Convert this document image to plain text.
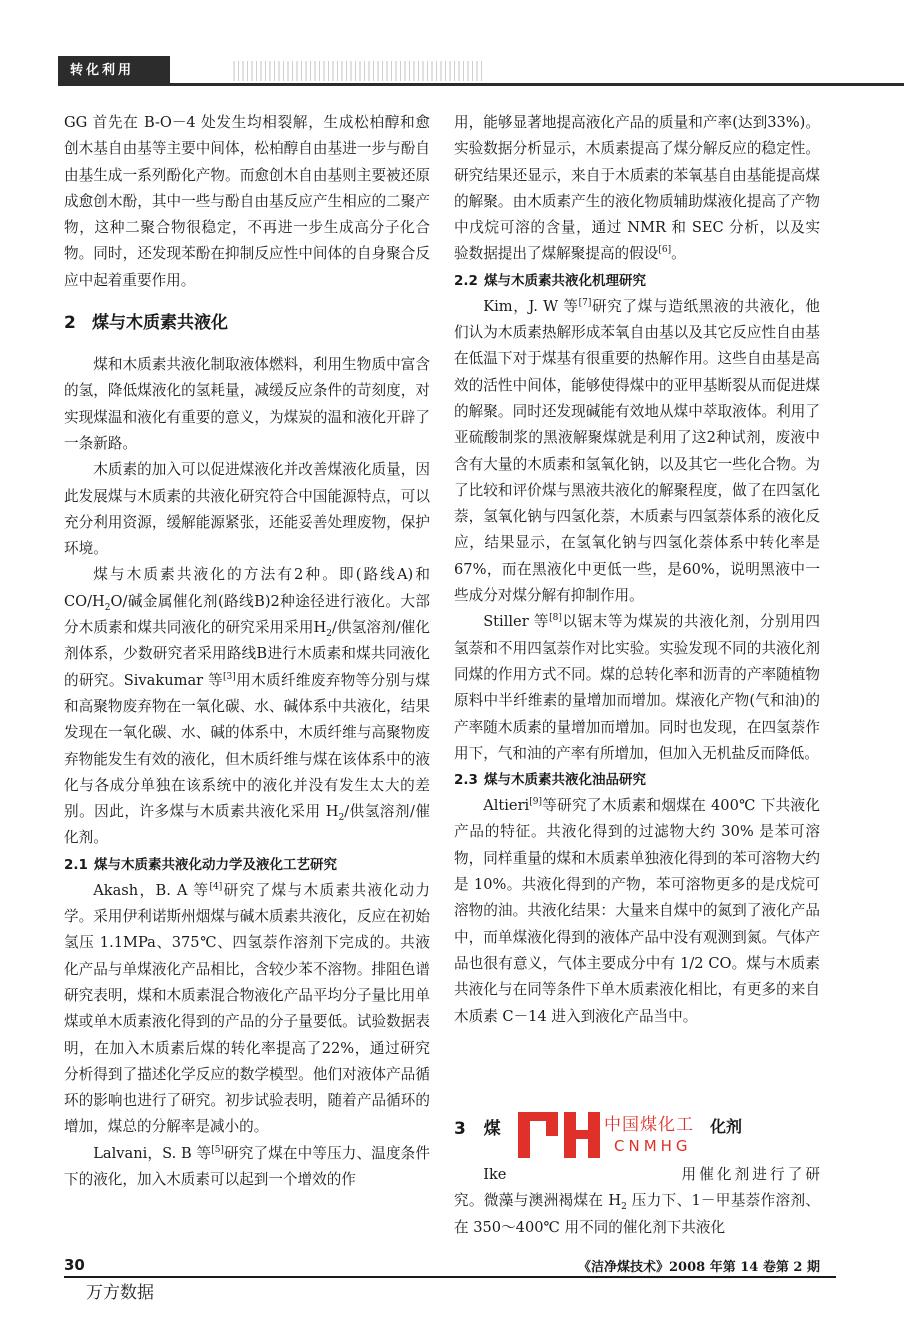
转化利用

GG 首先在 B-O－4 处发生均相裂解，生成松柏醇和愈创木基自由基等主要中间体，松柏醇自由基进一步与酚自由基生成一系列酚化产物。而愈创木自由基则主要被还原成愈创木酚，其中一些与酚自由基反应产生相应的二聚产物，这种二聚合物很稳定，不再进一步生成高分子化合物。同时，还发现苯酚在抑制反应性中间体的自身聚合反应中起着重要作用。

2 煤与木质素共液化

煤和木质素共液化制取液体燃料，利用生物质中富含的氢，降低煤液化的氢耗量，减缓反应条件的苛刻度，对实现煤温和液化有重要的意义，为煤炭的温和液化开辟了一条新路。

木质素的加入可以促进煤液化并改善煤液化质量，因此发展煤与木质素的共液化研究符合中国能源特点，可以充分利用资源，缓解能源紧张，还能妥善处理废物，保护环境。

煤与木质素共液化的方法有2种。即(路线A)和$CO/H_2O/$碱金属催化剂(路线B)2种途径进行液化。大部分木质素和煤共同液化的研究采用采用$H_2/$供氢溶剂/催化剂体系，少数研究者采用路线B进行木质素和煤共同液化的研究。Sivakumar 等[3]用木质纤维废弃物等分别与煤和高聚物废弃物在一氧化碳、水、碱体系中共液化，结果发现在一氧化碳、水、碱的体系中，木质纤维与高聚物废弃物能发生有效的液化，但木质纤维与煤在该体系中的液化与各成分单独在该系统中的液化并没有发生太大的差别。因此，许多煤与木质素共液化采用 $H_2/$供氢溶剂/催化剂。

2.1 煤与木质素共液化动力学及液化工艺研究

Akash，B. A 等[4]研究了煤与木质素共液化动力学。采用伊利诺斯州烟煤与碱木质素共液化，反应在初始氢压 1.1MPa、375℃、四氢萘作溶剂下完成的。共液化产品与单煤液化产品相比，含较少苯不溶物。排阻色谱研究表明，煤和木质素混合物液化产品平均分子量比用单煤或单木质素液化得到的产品的分子量要低。试验数据表明，在加入木质素后煤的转化率提高了22%，通过研究分析得到了描述化学反应的数学模型。他们对液体产品循环的影响也进行了研究。初步试验表明，随着产品循环的增加，煤总的分解率是减小的。

Lalvani，S. B 等[5]研究了煤在中等压力、温度条件下的液化，加入木质素可以起到一个增效的作

用，能够显著地提高液化产品的质量和产率(达到33%)。实验数据分析显示，木质素提高了煤分解反应的稳定性。研究结果还显示，来自于木质素的苯氧基自由基能提高煤的解聚。由木质素产生的液化物质辅助煤液化提高了产物中戊烷可溶的含量，通过 NMR 和 SEC 分析，以及实验数据提出了煤解聚提高的假设[6]。

2.2 煤与木质素共液化机理研究

Kim，J. W 等[7]研究了煤与造纸黑液的共液化，他们认为木质素热解形成苯氧自由基以及其它反应性自由基在低温下对于煤基有很重要的热解作用。这些自由基是高效的活性中间体，能够使得煤中的亚甲基断裂从而促进煤的解聚。同时还发现碱能有效地从煤中萃取液体。利用了亚硫酸制浆的黑液解聚煤就是利用了这2种试剂，废液中含有大量的木质素和氢氧化钠，以及其它一些化合物。为了比较和评价煤与黑液共液化的解聚程度，做了在四氢化萘，氢氧化钠与四氢化萘，木质素与四氢萘体系的液化反应，结果显示，在氢氧化钠与四氢化萘体系中转化率是67%，而在黑液化中更低一些，是60%，说明黑液中一些成分对煤分解有抑制作用。

Stiller 等[8]以锯末等为煤炭的共液化剂，分别用四氢萘和不用四氢萘作对比实验。实验发现不同的共液化剂同煤的作用方式不同。煤的总转化率和沥青的产率随植物原料中半纤维素的量增加而增加。煤液化产物(气和油)的产率随木质素的量增加而增加。同时也发现，在四氢萘作用下，气和油的产率有所增加，但加入无机盐反而降低。

2.3 煤与木质素共液化油品研究

Altieri[9]等研究了木质素和烟煤在 400℃ 下共液化产品的特征。共液化得到的过滤物大约 30% 是苯可溶物，同样重量的煤和木质素单独液化得到的苯可溶物大约是 10%。共液化得到的产物，苯可溶物更多的是戊烷可溶物的油。共液化结果：大量来自煤中的氮到了液化产品中，而单煤液化得到的液体产品中没有观测到氮。气体产品也很有意义，气体主要成分中有 1/2 CO。煤与木质素共液化与在同等条件下单木质素液化相比，有更多的来自木质素 C－14 进入到液化产品当中。

3 煤	中国煤化工 化剂
CNMHG

Ike	用催化剂进行了研究。微藻与澳洲褐煤在 $H_2$ 压力下、1－甲基萘作溶剂、在 350～400℃ 用不同的催化剂下共液化

30	《洁净煤技术》2008 年第 14 卷第 2 期
万方数据
